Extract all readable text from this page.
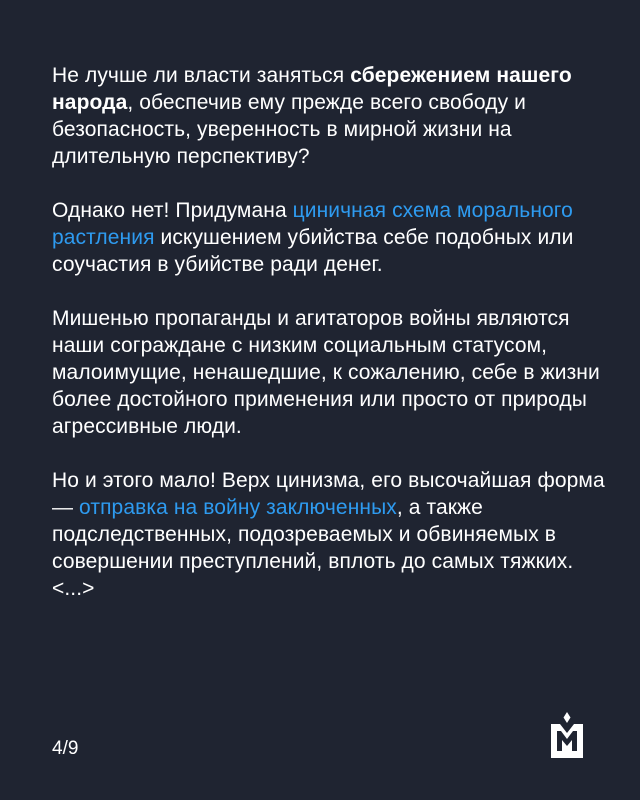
Не лучше ли власти заняться сбережением нашего народа, обеспечив ему прежде всего свободу и безопасность, уверенность в мирной жизни на длительную перспективу?

Однако нет! Придумана циничная схема морального растления искушением убийства себе подобных или соучастия в убийстве ради денег.

Мишенью пропаганды и агитаторов войны являются наши сограждане с низким социальным статусом, малоимущие, ненашедшие, к сожалению, себе в жизни более достойного применения или просто от природы агрессивные люди.

Но и этого мало! Верх цинизма, его высочайшая форма — отправка на войну заключенных, а также подследственных, подозреваемых и обвиняемых в совершении преступлений, вплоть до самых тяжких. <...>

4/9
